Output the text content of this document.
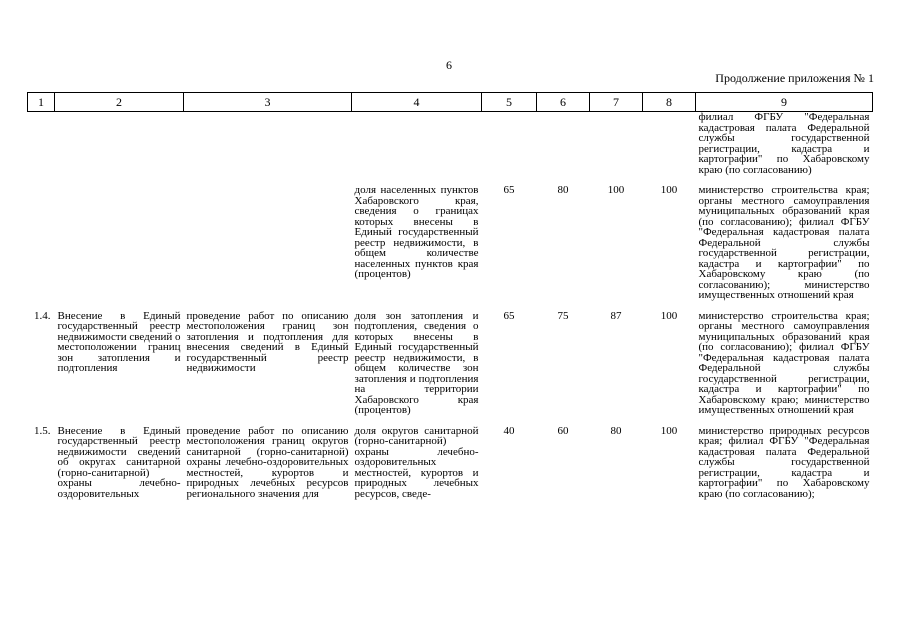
6
Продолжение приложения № 1
1	2	3	4	5	6	7	8	9
								филиал ФГБУ "Федеральная кадастровая палата Федеральной службы государственной регистрации, кадастра и картографии" по Хабаровскому краю (по согласованию)

			доля населенных пунктов Хабаровского края, сведения о границах которых внесены в Единый государственный реестр недвижимости, в общем количестве населенных пунктов края (процентов)	65	80	100	100	министерство строительства края; органы местного самоуправления муниципальных образований края (по согласованию); филиал ФГБУ "Федеральная кадастровая палата Федеральной службы государственной регистрации, кадастра и картографии" по Хабаровскому краю (по согласованию); министерство имущественных отношений края

1.4.	Внесение в Единый государственный реестр недвижимости сведений о местоположении границ зон затопления и подтопления	проведение работ по описанию местоположения границ зон затопления и подтопления для внесения сведений в Единый государственный реестр недвижимости	доля зон затопления и подтопления, сведения о которых внесены в Единый государственный реестр недвижимости, в общем количестве зон затопления и подтопления на территории Хабаровского края (процентов)	65	75	87	100	министерство строительства края; органы местного самоуправления муниципальных образований края (по согласованию); филиал ФГБУ "Федеральная кадастровая палата Федеральной службы государственной регистрации, кадастра и картографии" по Хабаровскому краю; министерство имущественных отношений края

1.5.	Внесение в Единый государственный реестр недвижимости сведений об округах санитарной (горно-санитарной) охраны лечебно-оздоровительных	проведение работ по описанию местоположения границ округов санитарной (горно-санитарной) охраны лечебно-оздоровительных местностей, курортов и природных лечебных ресурсов регионального значения для	доля округов санитарной (горно-санитарной) охраны лечебно-оздоровительных местностей, курортов и природных лечебных ресурсов, сведе-	40	60	80	100	министерство природных ресурсов края; филиал ФГБУ "Федеральная кадастровая палата Федеральной службы государственной регистрации, кадастра и картографии" по Хабаровскому краю (по согласованию);
